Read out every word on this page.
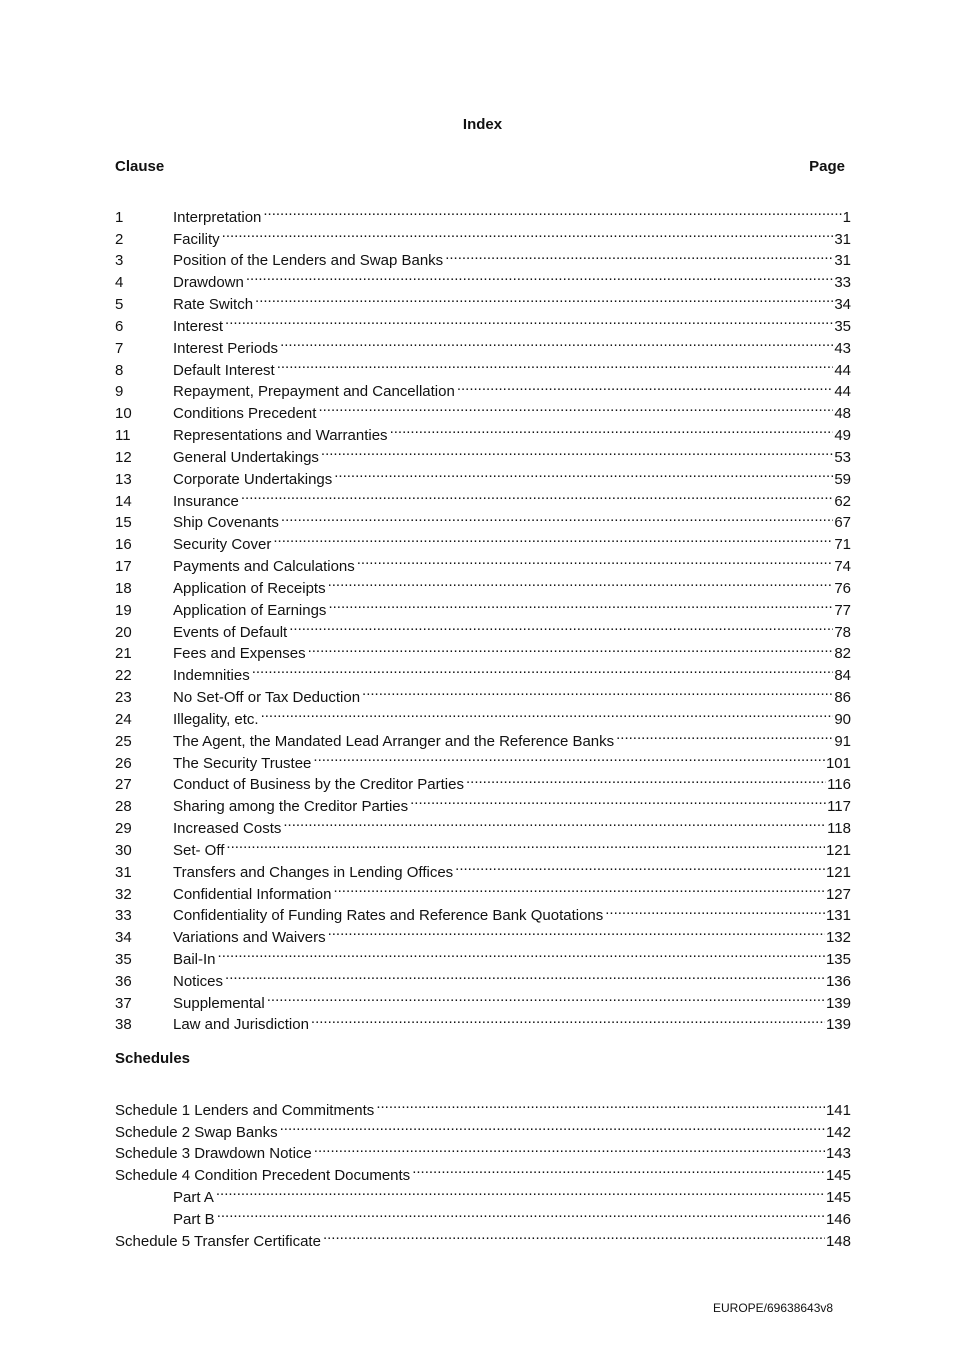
Index
Clause	Page
1	Interpretation .....	1
2	Facility .....	31
3	Position of the Lenders and Swap Banks .....	31
4	Drawdown .....	33
5	Rate Switch .....	34
6	Interest .....	35
7	Interest Periods .....	43
8	Default Interest .....	44
9	Repayment, Prepayment and Cancellation .....	44
10	Conditions Precedent .....	48
11	Representations and Warranties .....	49
12	General Undertakings .....	53
13	Corporate Undertakings .....	59
14	Insurance .....	62
15	Ship Covenants .....	67
16	Security Cover .....	71
17	Payments and Calculations .....	74
18	Application of Receipts .....	76
19	Application of Earnings .....	77
20	Events of Default .....	78
21	Fees and Expenses .....	82
22	Indemnities .....	84
23	No Set-Off or Tax Deduction .....	86
24	Illegality, etc. .....	90
25	The Agent, the Mandated Lead Arranger and the Reference Banks .....	91
26	The Security Trustee .....	101
27	Conduct of Business by the Creditor Parties .....	116
28	Sharing among the Creditor Parties .....	117
29	Increased Costs .....	118
30	Set- Off .....	121
31	Transfers and Changes in Lending Offices .....	121
32	Confidential Information .....	127
33	Confidentiality of Funding Rates and Reference Bank Quotations .....	131
34	Variations and Waivers .....	132
35	Bail-In .....	135
36	Notices .....	136
37	Supplemental .....	139
38	Law and Jurisdiction .....	139
Schedules
Schedule 1 Lenders and Commitments .....	141
Schedule 2 Swap Banks .....	142
Schedule 3 Drawdown Notice .....	143
Schedule 4 Condition Precedent Documents .....	145
Part A .....	145
Part B .....	146
Schedule 5 Transfer Certificate .....	148
EUROPE/69638643v8
